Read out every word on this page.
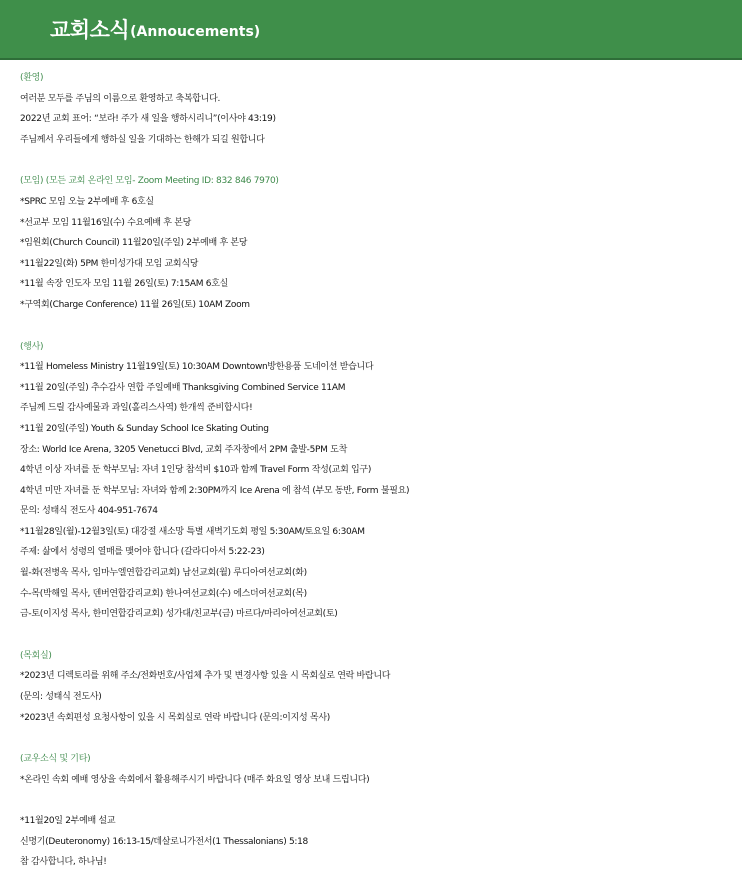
교회소식 (Annoucements)
(환영)
여러분 모두를 주님의 이름으로 환영하고 축복합니다.
2022년 교회 표어: “보라! 주가 새 일을 행하시리니”(이사야 43:19)
주님께서 우리들에게 행하실 일을 기대하는 한해가 되길 원합니다
(모임) (모든 교회 온라인 모임- Zoom Meeting ID: 832 846 7970)
*SPRC 모임 오늘 2부예배 후 6호실
*선교부 모임 11월16일(수) 수요예배 후 본당
*임원회(Church Council) 11월20일(주일) 2부예배 후 본당
*11월22일(화) 5PM 한미성가대 모임 교회식당
*11월 속장 인도자 모임 11월 26일(토) 7:15AM 6호실
*구역회(Charge Conference) 11월 26일(토) 10AM Zoom
(행사)
*11월 Homeless Ministry 11월19일(토) 10:30AM Downtown방한용품 도네이션 받습니다
*11월 20일(주일) 추수감사 연합 주일예배 Thanksgiving Combined Service 11AM
주님께 드릴 감사예물과 과일(홀리스사역) 한개씩 준비합시다!
*11월 20일(주일) Youth & Sunday School Ice Skating Outing
장소: World Ice Arena, 3205 Venetucci Blvd, 교회 주자창에서 2PM 출발-5PM 도착
4학년 이상 자녀를 둔 학부모님: 자녀 1인당 참석비 $10과 함께 Travel Form 작성(교회 입구)
4학년 미만 자녀를 둔 학부모님: 자녀와 함께 2:30PM까지 Ice Arena 에 참석 (부모 동반, Form 불필요)
문의: 성태식 전도사 404-951-7674
*11월28일(월)-12월3일(토) 대강절 새소망 특별 새벽기도회 평일 5:30AM/토요일 6:30AM
주제: 삶에서 성령의 열매를 맺어야 합니다 (갈라디아서 5:22-23)
월-화(전병욱 목사, 임마누엘연합감리교회) 남선교회(월) 루디아여선교회(화)
수-목(박해일 목사, 덴버연합감리교회) 한나여선교회(수) 에스더여선교회(목)
금-토(이지성 목사, 한미연합감리교회) 성가대/친교부(금) 마르다/마리아여선교회(토)
(목회실)
*2023년 디렉토리를 위해 주소/전화번호/사업체 추가 및 변경사항 있을 시 목회실로 연락 바랍니다
(문의: 성태식 전도사)
*2023년 속회편성 요청사항이 있을 시 목회실로 연락 바랍니다 (문의:이지성 목사)
(교우소식 및 기타)
*온라인 속회 예배 영상을 속회에서 활용해주시기 바랍니다 (매주 화요일 영상 보내 드립니다)
*11월20일 2부예배 설교
신명기(Deuteronomy) 16:13-15/데살로니가전서(1 Thessalonians) 5:18
참 감사합니다, 하나님!
